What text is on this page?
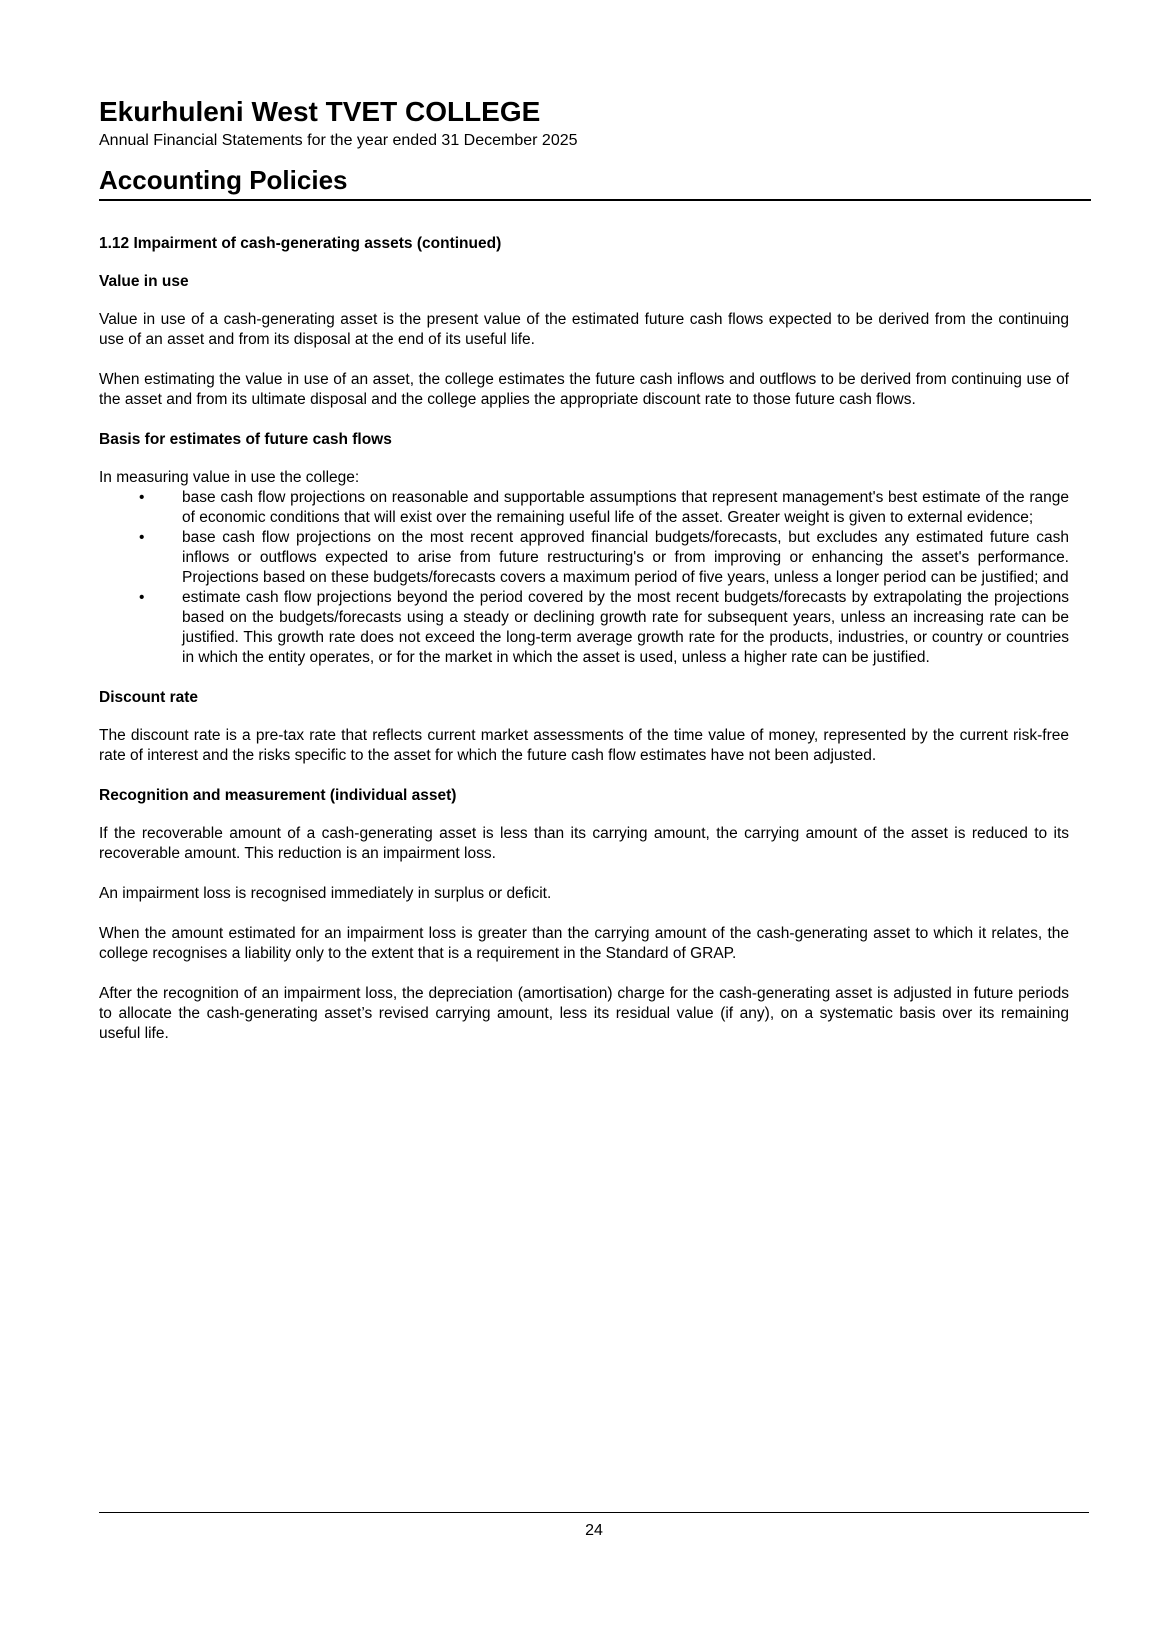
Ekurhuleni West TVET COLLEGE
Annual Financial Statements for the year ended 31 December 2025
Accounting Policies
1.12 Impairment of cash-generating assets (continued)
Value in use

Value in use of a cash-generating asset is the present value of the estimated future cash flows expected to be derived from the continuing use of an asset and from its disposal at the end of its useful life.

When estimating the value in use of an asset, the college estimates the future cash inflows and outflows to be derived from continuing use of the asset and from its ultimate disposal and the college applies the appropriate discount rate to those future cash flows.

Basis for estimates of future cash flows

In measuring value in use the college:

• base cash flow projections on reasonable and supportable assumptions that represent management's best estimate of the range of economic conditions that will exist over the remaining useful life of the asset. Greater weight is given to external evidence;
• base cash flow projections on the most recent approved financial budgets/forecasts, but excludes any estimated future cash inflows or outflows expected to arise from future restructuring's or from improving or enhancing the asset's performance. Projections based on these budgets/forecasts covers a maximum period of five years, unless a longer period can be justified; and
• estimate cash flow projections beyond the period covered by the most recent budgets/forecasts by extrapolating the projections based on the budgets/forecasts using a steady or declining growth rate for subsequent years, unless an increasing rate can be justified. This growth rate does not exceed the long-term average growth rate for the products, industries, or country or countries in which the entity operates, or for the market in which the asset is used, unless a higher rate can be justified.
Discount rate

The discount rate is a pre-tax rate that reflects current market assessments of the time value of money, represented by the current risk-free rate of interest and the risks specific to the asset for which the future cash flow estimates have not been adjusted.

Recognition and measurement (individual asset)

If the recoverable amount of a cash-generating asset is less than its carrying amount, the carrying amount of the asset is reduced to its recoverable amount. This reduction is an impairment loss.

An impairment loss is recognised immediately in surplus or deficit.

When the amount estimated for an impairment loss is greater than the carrying amount of the cash-generating asset to which it relates, the college recognises a liability only to the extent that is a requirement in the Standard of GRAP.

After the recognition of an impairment loss, the depreciation (amortisation) charge for the cash-generating asset is adjusted in future periods to allocate the cash-generating asset’s revised carrying amount, less its residual value (if any), on a systematic basis over its remaining useful life.

24
